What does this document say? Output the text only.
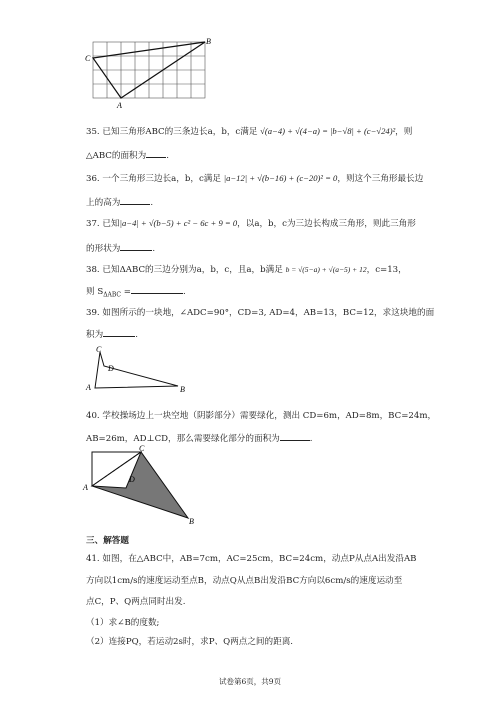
C
B
A
35. 已知三角形ABC的三条边长a，b，c满足 √(a−4) + √(4−a) = |b−√8| + (c−√24)²，则
△ABC的面积为 .
36. 一个三角形三边长a，b，c满足 |a−12| + √(b−16) + (c−20)² = 0，则这个三角形最长边
上的高为	.
37. 已知|a−4| + √(b−5) + c² − 6c + 9 = 0，以a，b，c为三边长构成三角形，则此三角形
的形状为	.
38. 已知ΔABC的三边分别为a，b，c，且a，b满足 b = √(5−a) + √(a−5) + 12，c=13，
则 $S_{\Delta ABC}$ =	.
39. 如图所示的一块地，∠ADC=90°，CD=3, AD=4，AB=13，BC=12，求这块地的面
积为	.
C
D
A	B
40. 学校操场边上一块空地（阴影部分）需要绿化，测出 CD=6m，AD=8m，BC=24m，
AB=26m，AD⊥CD，那么需要绿化部分的面积为	.
C
D
A
B
三、解答题
41. 如图，在△ABC中，AB=7cm，AC=25cm，BC=24cm，动点P从点A出发沿AB
方向以1cm/s的速度运动至点B，动点Q从点B出发沿BC方向以6cm/s的速度运动至
点C，P、Q两点同时出发.
（1）求∠B的度数;
（2）连接PQ，若运动2s时，求P、Q两点之间的距离.
试卷第6页，共9页
